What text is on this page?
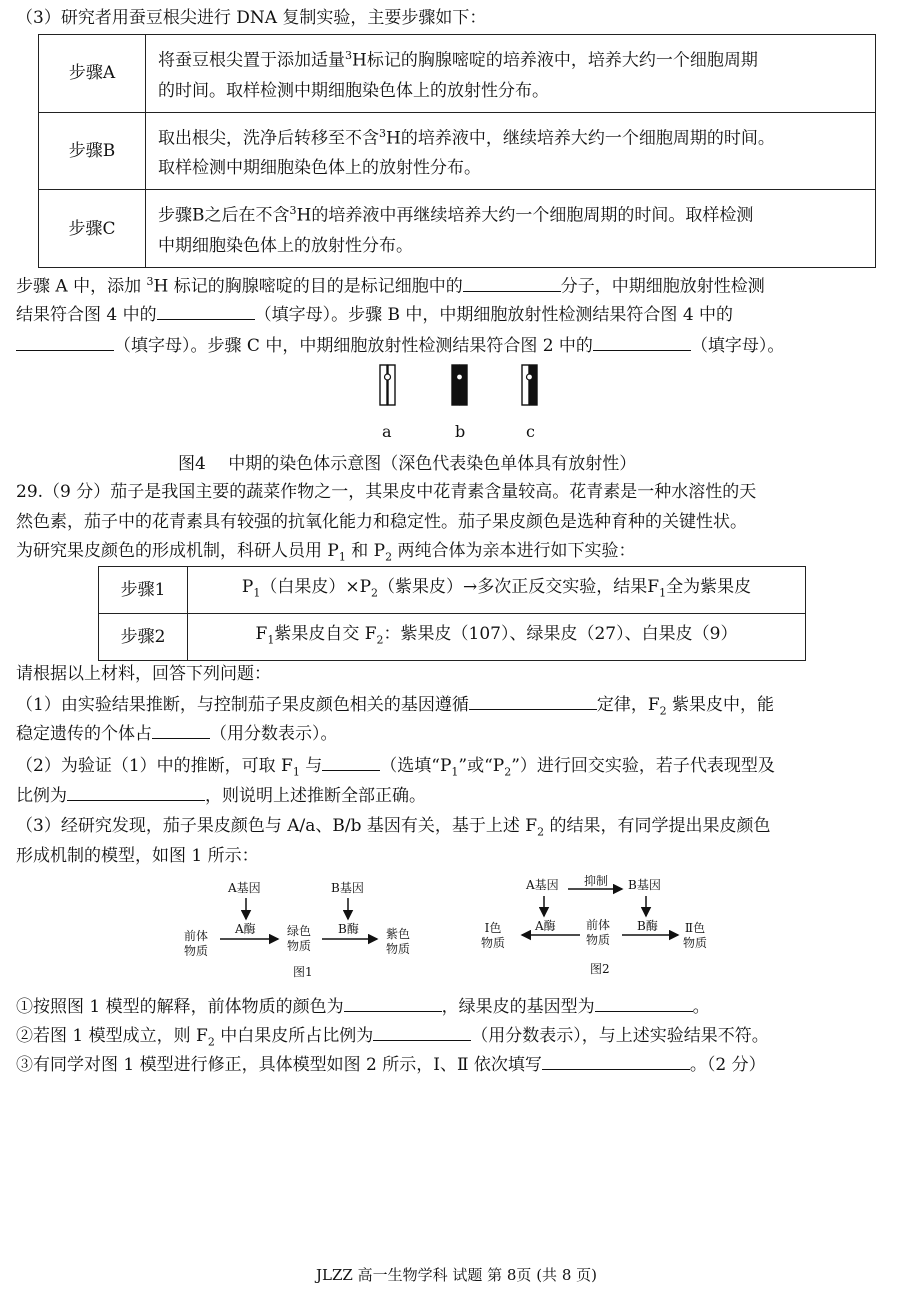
（3）研究者用蚕豆根尖进行 DNA 复制实验，主要步骤如下：
步骤A	将蚕豆根尖置于添加适量$^3$H标记的胸腺嘧啶的培养液中，培养大约一个细胞周期
的时间。取样检测中期细胞染色体上的放射性分布。
步骤B	取出根尖，洗净后转移至不含$^3$H的培养液中，继续培养大约一个细胞周期的时间。
取样检测中期细胞染色体上的放射性分布。
步骤C	步骤B之后在不含$^3$H的培养液中再继续培养大约一个细胞周期的时间。取样检测
中期细胞染色体上的放射性分布。
步骤 A 中，添加 $^3$H 标记的胸腺嘧啶的目的是标记细胞中的	分子，中期细胞放射性检测
结果符合图 4 中的	（填字母）。步骤 B 中，中期细胞放射性检测结果符合图 4 中的
（填字母）。步骤 C 中，中期细胞放射性检测结果符合图 2 中的	（填字母）。
a	b	c
图4　 中期的染色体示意图（深色代表染色单体具有放射性）
29.（9 分）茄子是我国主要的蔬菜作物之一，其果皮中花青素含量较高。花青素是一种水溶性的天
然色素，茄子中的花青素具有较强的抗氧化能力和稳定性。茄子果皮颜色是选种育种的关键性状。
为研究果皮颜色的形成机制，科研人员用 $P_1$ 和 $P_2$ 两纯合体为亲本进行如下实验：
步骤1	$P_1$（白果皮）$\times P_2$（紫果皮）→多次正反交实验，结果$F_1$全为紫果皮
步骤2	$F_1$紫果皮自交 $F_2$：紫果皮（107）、绿果皮（27）、白果皮（9）
请根据以上材料，回答下列问题：
（1）由实验结果推断，与控制茄子果皮颜色相关的基因遵循	定律，$F_2$ 紫果皮中，能
稳定遗传的个体占	（用分数表示）。
（2）为验证（1）中的推断，可取 $F_1$ 与	（选填“$P_1$”或“$P_2$”）进行回交实验，若子代表现型及
比例为	，则说明上述推断全部正确。
（3）经研究发现，茄子果皮颜色与 A/a、B/b 基因有关，基于上述 $F_2$ 的结果，有同学提出果皮颜色
形成机制的模型，如图 1 所示：
A基因	B基因
A酶	B酶
前体
物质
绿色
物质
紫色
物质
图1
A基因 抑制 B基因
A酶	B酶
Ⅰ色
物质
前体
物质
Ⅱ色
物质
图2
①按照图 1 模型的解释，前体物质的颜色为	，绿果皮的基因型为	。
②若图 1 模型成立，则 $F_2$ 中白果皮所占比例为	（用分数表示），与上述实验结果不符。
③有同学对图 1 模型进行修正，具体模型如图 2 所示，Ⅰ、Ⅱ 依次填写	。（2 分）
JLZZ 高一生物学科 试题 第 8页 (共 8 页)
